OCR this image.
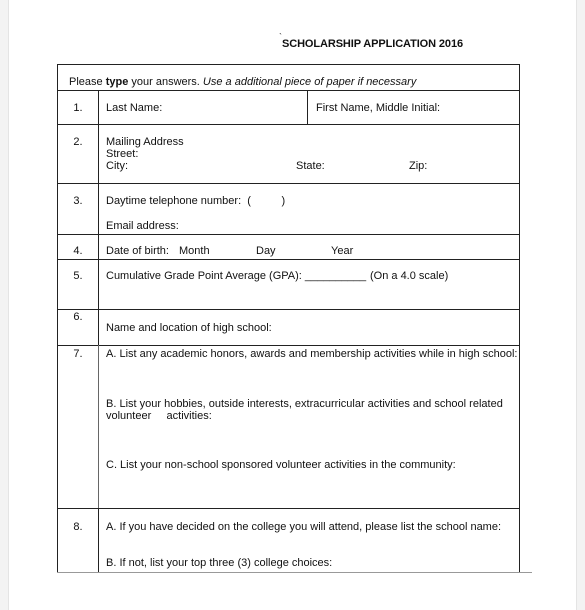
`
SCHOLARSHIP APPLICATION 2016
Please type your answers. Use a additional piece of paper if necessary
1.	Last Name:	First Name, Middle Initial:
2.	Mailing Address
Street:
City:	State:	Zip:
3.	Daytime telephone number:  (          )
Email address:
4.	Date of birth: Month	Day	Year
5.	Cumulative Grade Point Average (GPA): __________ (On a 4.0 scale)
6.
Name and location of high school:
7.	A. List any academic honors, awards and membership activities while in high school:
B. List your hobbies, outside interests, extracurricular activities and school related
volunteer     activities:
C. List your non-school sponsored volunteer activities in the community:
8.	A. If you have decided on the college you will attend, please list the school name:
B. If not, list your top three (3) college choices:
